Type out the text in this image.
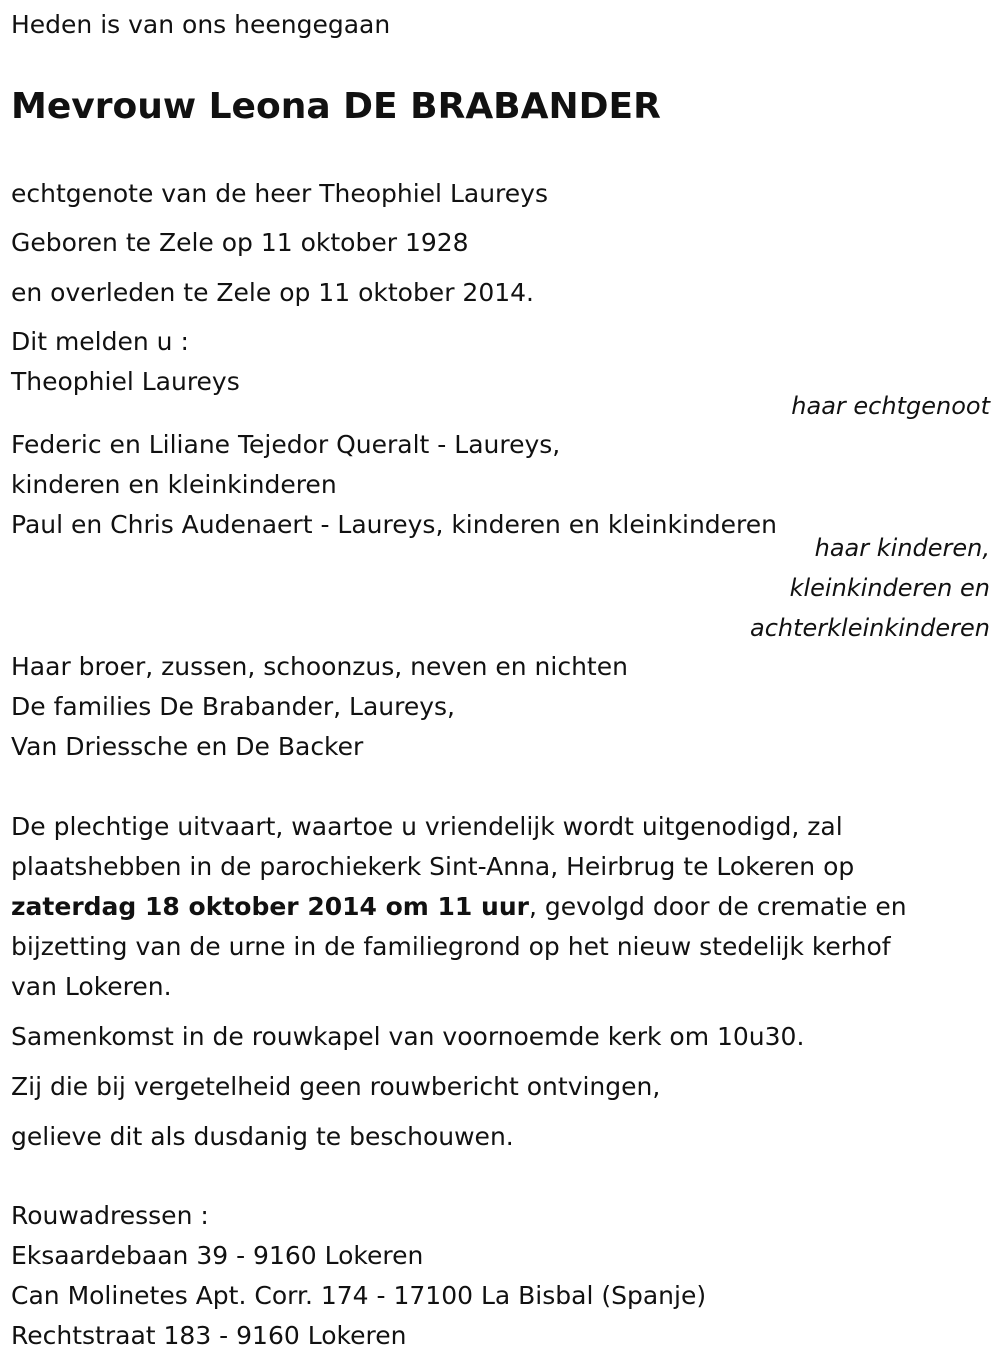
Heden is van ons heengegaan
Mevrouw Leona DE BRABANDER
echtgenote van de heer Theophiel Laureys
Geboren te Zele op 11 oktober 1928
en overleden te Zele op 11 oktober 2014.
Dit melden u :
Theophiel Laureys
haar echtgenoot
Federic en Liliane Tejedor Queralt - Laureys,
kinderen en kleinkinderen
Paul en Chris Audenaert - Laureys, kinderen en kleinkinderen
haar kinderen,
kleinkinderen en
achterkleinkinderen
Haar broer, zussen, schoonzus, neven en nichten
De families De Brabander, Laureys,
Van Driessche en De Backer
De plechtige uitvaart, waartoe u vriendelijk wordt uitgenodigd, zal
plaatshebben in de parochiekerk Sint-Anna, Heirbrug te Lokeren op
zaterdag 18 oktober 2014 om 11 uur, gevolgd door de crematie en
bijzetting van de urne in de familiegrond op het nieuw stedelijk kerhof
van Lokeren.
Samenkomst in de rouwkapel van voornoemde kerk om 10u30.
Zij die bij vergetelheid geen rouwbericht ontvingen,
gelieve dit als dusdanig te beschouwen.
Rouwadressen :
Eksaardebaan 39 - 9160 Lokeren
Can Molinetes Apt. Corr. 174 - 17100 La Bisbal (Spanje)
Rechtstraat 183 - 9160 Lokeren
